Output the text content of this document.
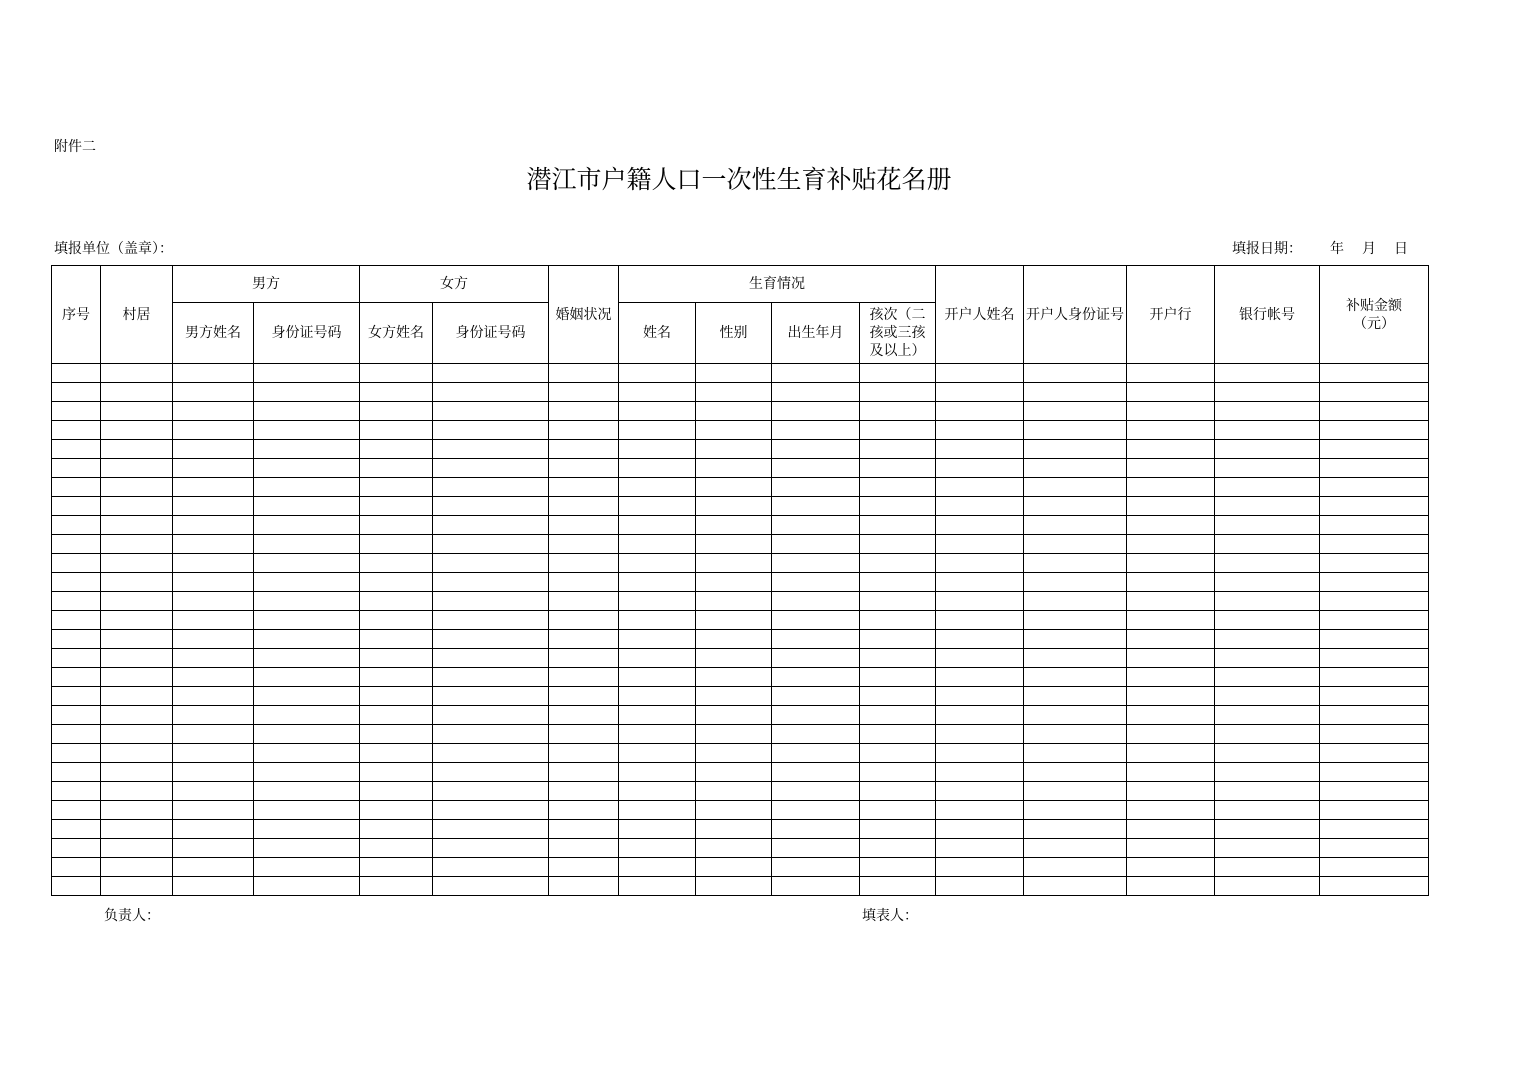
附件二
潜江市户籍人口一次性生育补贴花名册
填报单位（盖章）：	填报日期： 年 月 日
序号	村居	男方		女方		婚姻状况	生育情况				开户人姓名	开户人身份证号	开户行	银行帐号	补贴金额（元）
		男方姓名	身份证号码	女方姓名	身份证号码		姓名	性别	出生年月	孩次（二孩或三孩及以上）					

负责人：	填表人：
